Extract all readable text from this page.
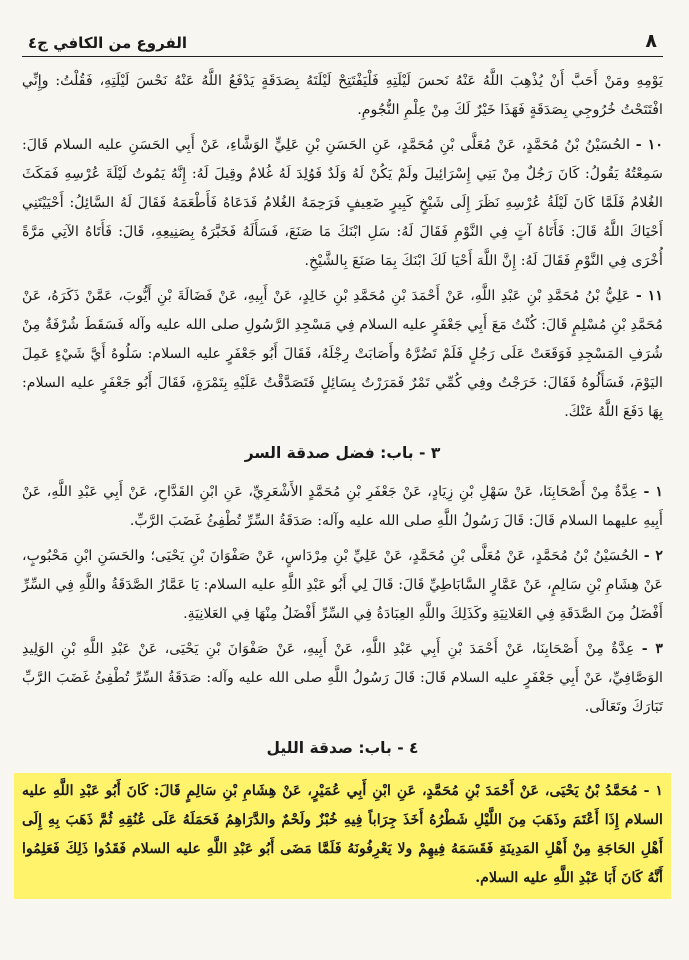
٨
الفروع من الكافي ج٤

يَوْمِهِ ومَنْ أَحَبَّ أَنْ يُذْهِبَ اللَّهُ عَنْهُ نَحسَ لَيْلَتِهِ فَلْيَفْتَتِحْ لَيْلَتَهُ بِصَدَقَةٍ يَدْفَعُ اللَّهُ عَنْهُ نَحْسَ لَيْلَتِهِ، فَقُلْتُ: وإِنِّي افْتَتَحْتُ خُرُوجِي بِصَدَقَةٍ فَهَذَا خَيْرٌ لَكَ مِنْ عِلْمِ النُّجُومِ.

١٠ - الحُسَيْنُ بْنُ مُحَمَّدٍ، عَنْ مُعَلَّى بْنِ مُحَمَّدٍ، عَنِ الحَسَنِ بْنِ عَلِيٍّ الوَشَّاءِ، عَنْ أَبِي الحَسَنِ عليه السلام قَالَ: سَمِعْتُهُ يَقُولُ: كَانَ رَجُلٌ مِنْ بَنِي إِسْرَائِيلَ ولَمْ يَكُنْ لَهُ وَلَدٌ فَوُلِدَ لَهُ غُلامٌ وقِيلَ لَهُ: إِنَّهُ يَمُوتُ لَيْلَةَ عُرْسِهِ فَمَكَثَ الغُلامُ فَلَمَّا كَانَ لَيْلَةُ عُرْسِهِ نَظَرَ إِلَى شَيْخٍ كَبِيرٍ ضَعِيفٍ فَرَحِمَهُ الغُلامُ فَدَعَاهُ فَأَطْعَمَهُ فَقَالَ لَهُ السَّائِلُ: أَحْيَيْتَنِي أَحْيَاكَ اللَّهُ قَالَ: فَأَتَاهُ آتٍ فِي النَّوْمِ فَقَالَ لَهُ: سَلِ ابْنَكَ مَا صَنَعَ، فَسَأَلَهُ فَخَبَّرَهُ بِصَنِيعِهِ، قَالَ: فَأَتَاهُ الآتِي مَرَّةً أُخْرَى فِي النَّوْمِ فَقَالَ لَهُ: إِنَّ اللَّهَ أَحْيَا لَكَ ابْنَكَ بِمَا صَنَعَ بِالشَّيْخِ.

١١ - عَلِيُّ بْنُ مُحَمَّدِ بْنِ عَبْدِ اللَّهِ، عَنْ أَحْمَدَ بْنِ مُحَمَّدِ بْنِ خَالِدٍ، عَنْ أَبِيهِ، عَنْ فَضَالَةَ بْنِ أَيُّوبَ، عَمَّنْ ذَكَرَهُ، عَنْ مُحَمَّدِ بْنِ مُسْلِمٍ قَالَ: كُنْتُ مَعَ أَبِي جَعْفَرٍ عليه السلام فِي مَسْجِدِ الرَّسُولِ صلى الله عليه وآله فَسَقَطَ شُرْفَةٌ مِنْ شُرَفِ المَسْجِدِ فَوَقَعَتْ عَلَى رَجُلٍ فَلَمْ تَضُرَّهُ وأَصَابَتْ رِجْلَهُ، فَقَالَ أَبُو جَعْفَرٍ عليه السلام: سَلُوهُ أَيَّ شَيْءٍ عَمِلَ اليَوْمَ، فَسَأَلُوهُ فَقَالَ: خَرَجْتُ وفِي كُمِّي تَمْرٌ فَمَرَرْتُ بِسَائِلٍ فَتَصَدَّقْتُ عَلَيْهِ بِتَمْرَةٍ، فَقَالَ أَبُو جَعْفَرٍ عليه السلام: بِهَا دَفَعَ اللَّهُ عَنْكَ.

٣ - باب: فضل صدقة السر

١ - عِدَّةٌ مِنْ أَصْحَابِنَا، عَنْ سَهْلِ بْنِ زِيَادٍ، عَنْ جَعْفَرِ بْنِ مُحَمَّدٍ الأَشْعَرِيِّ، عَنِ ابْنِ القَدَّاحِ، عَنْ أَبِي عَبْدِ اللَّهِ، عَنْ أَبِيهِ عليهما السلام قَالَ: قَالَ رَسُولُ اللَّهِ صلى الله عليه وآله: صَدَقَةُ السِّرِّ تُطْفِئُ غَضَبَ الرَّبِّ.

٢ - الحُسَيْنُ بْنُ مُحَمَّدٍ، عَنْ مُعَلَّى بْنِ مُحَمَّدٍ، عَنْ عَلِيِّ بْنِ مِرْدَاسٍ، عَنْ صَفْوَانَ بْنِ يَحْيَى؛ والحَسَنِ ابْنِ مَحْبُوبٍ، عَنْ هِشَامِ بْنِ سَالِمٍ، عَنْ عَمَّارٍ السَّابَاطِيِّ قَالَ: قَالَ لِي أَبُو عَبْدِ اللَّهِ عليه السلام: يَا عَمَّارُ الصَّدَقَةُ واللَّهِ فِي السِّرِّ أَفْضَلُ مِنَ الصَّدَقَةِ فِي العَلانِيَةِ وكَذَلِكَ واللَّهِ العِبَادَةُ فِي السِّرِّ أَفْضَلُ مِنْهَا فِي العَلانِيَةِ.

٣ - عِدَّةٌ مِنْ أَصْحَابِنَا، عَنْ أَحْمَدَ بْنِ أَبِي عَبْدِ اللَّهِ، عَنْ أَبِيهِ، عَنْ صَفْوَانَ بْنِ يَحْيَى، عَنْ عَبْدِ اللَّهِ بْنِ الوَلِيدِ الوَصَّافِيِّ، عَنْ أَبِي جَعْفَرٍ عليه السلام قَالَ: قَالَ رَسُولُ اللَّهِ صلى الله عليه وآله: صَدَقَةُ السِّرِّ تُطْفِئُ غَضَبَ الرَّبِّ تَبَارَكَ وتَعَالَى.

٤ - باب: صدقة الليل

١ - مُحَمَّدُ بْنُ يَحْيَى، عَنْ أَحْمَدَ بْنِ مُحَمَّدٍ، عَنِ ابْنِ أَبِي عُمَيْرٍ، عَنْ هِشَامِ بْنِ سَالِمٍ قَالَ: كَانَ أَبُو عَبْدِ اللَّهِ عليه السلام إِذَا أَعْتَمَ وذَهَبَ مِنَ اللَّيْلِ شَطْرُهُ أَخَذَ جِرَاباً فِيهِ خُبْزٌ ولَحْمٌ والدَّرَاهِمُ فَحَمَلَهُ عَلَى عُنُقِهِ ثُمَّ ذَهَبَ بِهِ إِلَى أَهْلِ الحَاجَةِ مِنْ أَهْلِ المَدِينَةِ فَقَسَمَهُ فِيهِمْ ولا يَعْرِفُونَهُ فَلَمَّا مَضَى أَبُو عَبْدِ اللَّهِ عليه السلام فَقَدُوا ذَلِكَ فَعَلِمُوا أَنَّهُ كَانَ أَبَا عَبْدِ اللَّهِ عليه السلام.
